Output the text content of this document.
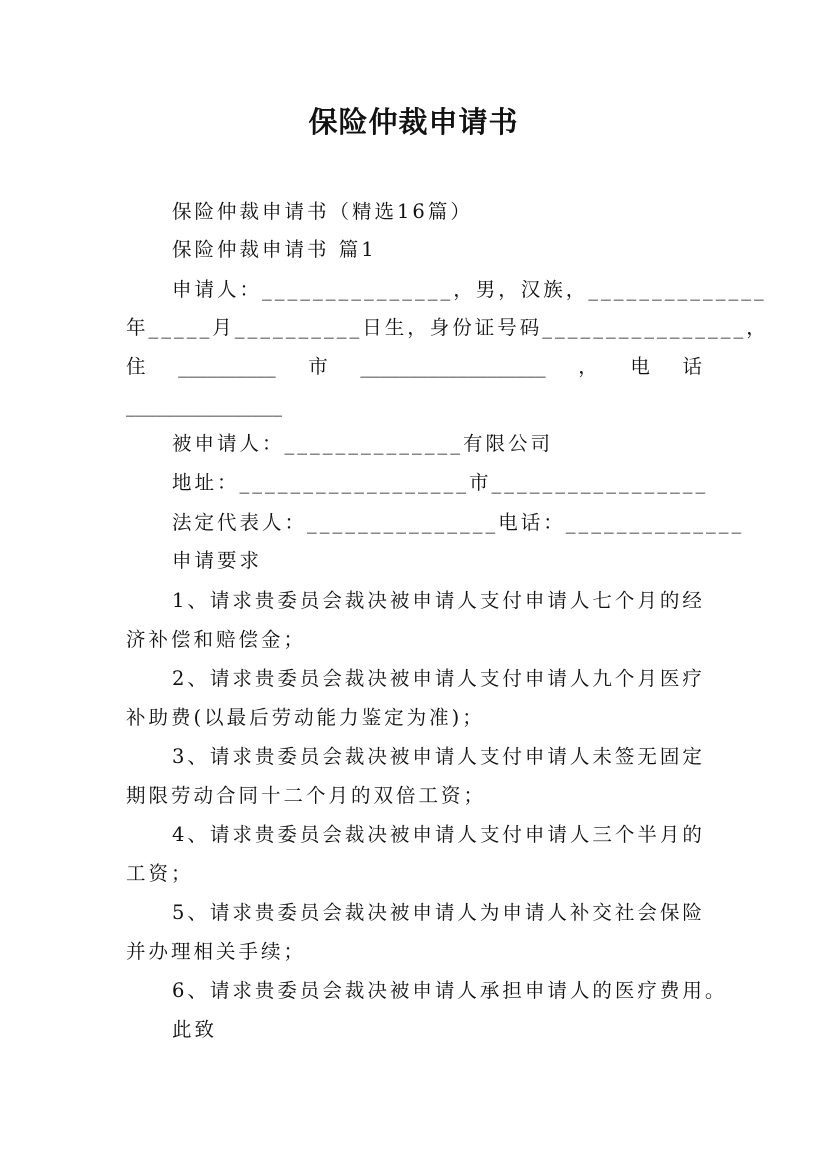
保险仲裁申请书
保险仲裁申请书（精选16篇）
保险仲裁申请书 篇1
申请人：_______________，男，汉族，______________
年_____月__________日生，身份证号码________________，
住 __________ 市 ___________________ ， 电 话
________________
被申请人：______________有限公司
地址：__________________市_________________
法定代表人：_______________电话：______________
申请要求
1、请求贵委员会裁决被申请人支付申请人七个月的经
济补偿和赔偿金；
2、请求贵委员会裁决被申请人支付申请人九个月医疗
补助费(以最后劳动能力鉴定为准)；
3、请求贵委员会裁决被申请人支付申请人未签无固定
期限劳动合同十二个月的双倍工资；
4、请求贵委员会裁决被申请人支付申请人三个半月的
工资；
5、请求贵委员会裁决被申请人为申请人补交社会保险
并办理相关手续；
6、请求贵委员会裁决被申请人承担申请人的医疗费用。
此致
